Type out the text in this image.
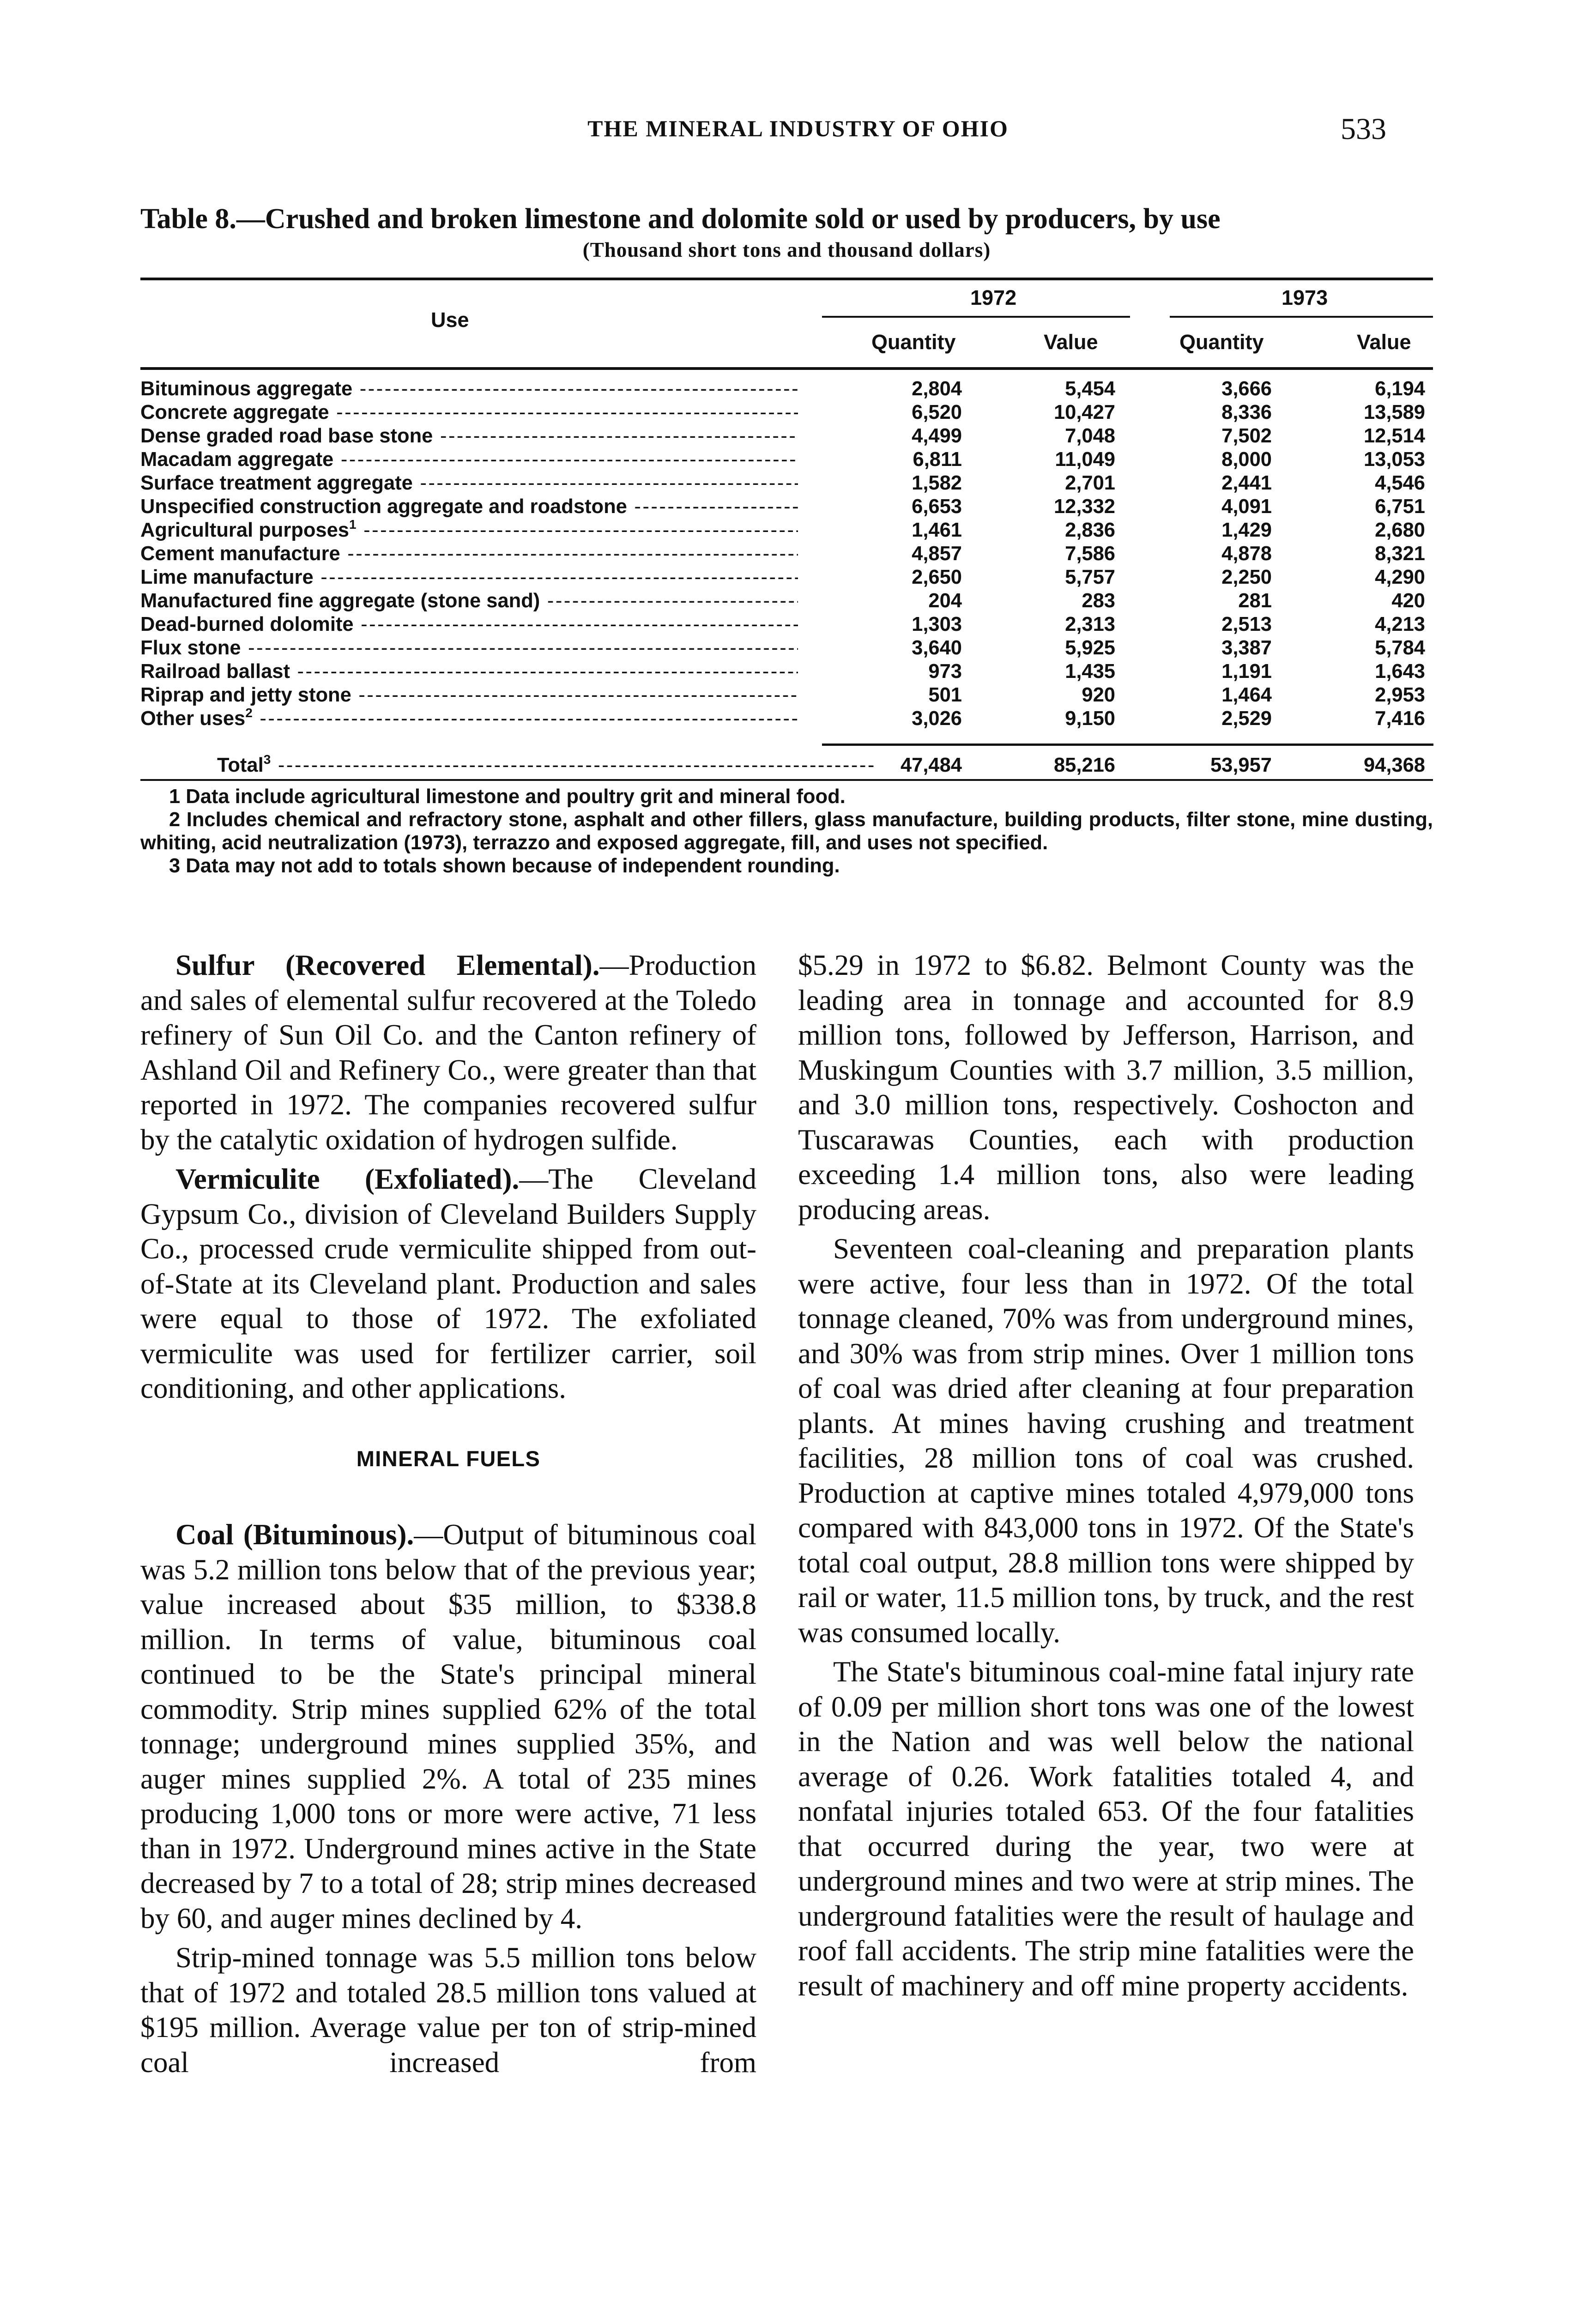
THE MINERAL INDUSTRY OF OHIO	533
Table 8.—Crushed and broken limestone and dolomite sold or used by producers, by use
(Thousand short tons and thousand dollars)
Use
1972	1973
Quantity	Value	Quantity	Value
Bituminous aggregate -----	2,804	5,454	3,666	6,194
Concrete aggregate -----	6,520	10,427	8,336	13,589
Dense graded road base stone -----	4,499	7,048	7,502	12,514
Macadam aggregate -----	6,811	11,049	8,000	13,053
Surface treatment aggregate -----	1,582	2,701	2,441	4,546
Unspecified construction aggregate and roadstone -----	6,653	12,332	4,091	6,751
Agricultural purposes$^1$ -----	1,461	2,836	1,429	2,680
Cement manufacture -----	4,857	7,586	4,878	8,321
Lime manufacture -----	2,650	5,757	2,250	4,290
Manufactured fine aggregate (stone sand) -----	204	283	281	420
Dead-burned dolomite -----	1,303	2,313	2,513	4,213
Flux stone -----	3,640	5,925	3,387	5,784
Railroad ballast -----	973	1,435	1,191	1,643
Riprap and jetty stone -----	501	920	1,464	2,953
Other uses$^2$ -----	3,026	9,150	2,529	7,416
Total$^3$ -----	47,484	85,216	53,957	94,368

1 Data include agricultural limestone and poultry grit and mineral food.

2 Includes chemical and refractory stone, asphalt and other fillers, glass manufacture, building products, filter stone, mine dusting, whiting, acid neutralization (1973), terrazzo and exposed aggregate, fill, and uses not specified.

3 Data may not add to totals shown because of independent rounding.

Sulfur (Recovered Elemental).—Production and sales of elemental sulfur recovered at the Toledo refinery of Sun Oil Co. and the Canton refinery of Ashland Oil and Refinery Co., were greater than that reported in 1972. The companies recovered sulfur by the catalytic oxidation of hydrogen sulfide.

Vermiculite (Exfoliated).—The Cleveland Gypsum Co., division of Cleveland Builders Supply Co., processed crude vermiculite shipped from out-of-State at its Cleveland plant. Production and sales were equal to those of 1972. The exfoliated vermiculite was used for fertilizer carrier, soil conditioning, and other applications.

MINERAL FUELS

Coal (Bituminous).—Output of bituminous coal was 5.2 million tons below that of the previous year; value increased about $35 million, to $338.8 million. In terms of value, bituminous coal continued to be the State's principal mineral commodity. Strip mines supplied 62% of the total tonnage; underground mines supplied 35%, and auger mines supplied 2%. A total of 235 mines producing 1,000 tons or more were active, 71 less than in 1972. Underground mines active in the State decreased by 7 to a total of 28; strip mines decreased by 60, and auger mines declined by 4.

Strip-mined tonnage was 5.5 million tons below that of 1972 and totaled 28.5 million tons valued at $195 million. Average value per ton of strip-mined coal increased from

$5.29 in 1972 to $6.82. Belmont County was the leading area in tonnage and accounted for 8.9 million tons, followed by Jefferson, Harrison, and Muskingum Counties with 3.7 million, 3.5 million, and 3.0 million tons, respectively. Coshocton and Tuscarawas Counties, each with production exceeding 1.4 million tons, also were leading producing areas.

Seventeen coal-cleaning and preparation plants were active, four less than in 1972. Of the total tonnage cleaned, 70% was from underground mines, and 30% was from strip mines. Over 1 million tons of coal was dried after cleaning at four preparation plants. At mines having crushing and treatment facilities, 28 million tons of coal was crushed. Production at captive mines totaled 4,979,000 tons compared with 843,000 tons in 1972. Of the State's total coal output, 28.8 million tons were shipped by rail or water, 11.5 million tons, by truck, and the rest was consumed locally.

The State's bituminous coal-mine fatal injury rate of 0.09 per million short tons was one of the lowest in the Nation and was well below the national average of 0.26. Work fatalities totaled 4, and nonfatal injuries totaled 653. Of the four fatalities that occurred during the year, two were at underground mines and two were at strip mines. The underground fatalities were the result of haulage and roof fall accidents. The strip mine fatalities were the result of machinery and off mine property accidents.
